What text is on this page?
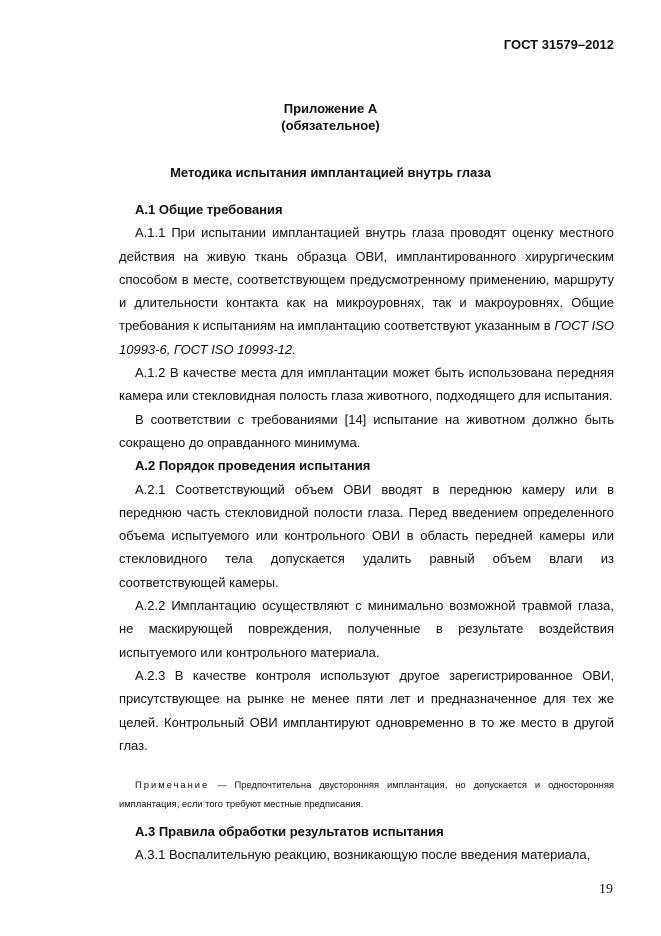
ГОСТ 31579–2012
Приложение А
(обязательное)
Методика испытания имплантацией внутрь глаза

А.1 Общие требования

А.1.1 При испытании имплантацией внутрь глаза проводят оценку местного действия на живую ткань образца ОВИ, имплантированного хирургическим способом в месте, соответствующем предусмотренному применению, маршруту и длительности контакта как на микроуровнях, так и макроуровнях. Общие требования к испытаниям на имплантацию соответствуют указанным в ГОСТ ISO 10993-6, ГОСТ ISO 10993-12.

А.1.2 В качестве места для имплантации может быть использована передняя камера или стекловидная полость глаза животного, подходящего для испытания.

В соответствии с требованиями [14] испытание на животном должно быть сокращено до оправданного минимума.

А.2 Порядок проведения испытания

А.2.1 Соответствующий объем ОВИ вводят в переднюю камеру или в переднюю часть стекловидной полости глаза. Перед введением определенного объема испытуемого или контрольного ОВИ в область передней камеры или стекловидного тела допускается удалить равный объем влаги из соответствующей камеры.

А.2.2 Имплантацию осуществляют с минимально возможной травмой глаза, не маскирующей повреждения, полученные в результате воздействия испытуемого или контрольного материала.

А.2.3 В качестве контроля используют другое зарегистрированное ОВИ, присутствующее на рынке не менее пяти лет и предназначенное для тех же целей. Контрольный ОВИ имплантируют одновременно в то же место в другой глаз.

Примечание — Предпочтительна двусторонняя имплантация, но допускается и односторонняя имплантация, если того требуют местные предписания.

А.3 Правила обработки результатов испытания

А.3.1 Воспалительную реакцию, возникающую после введения материала,

19
